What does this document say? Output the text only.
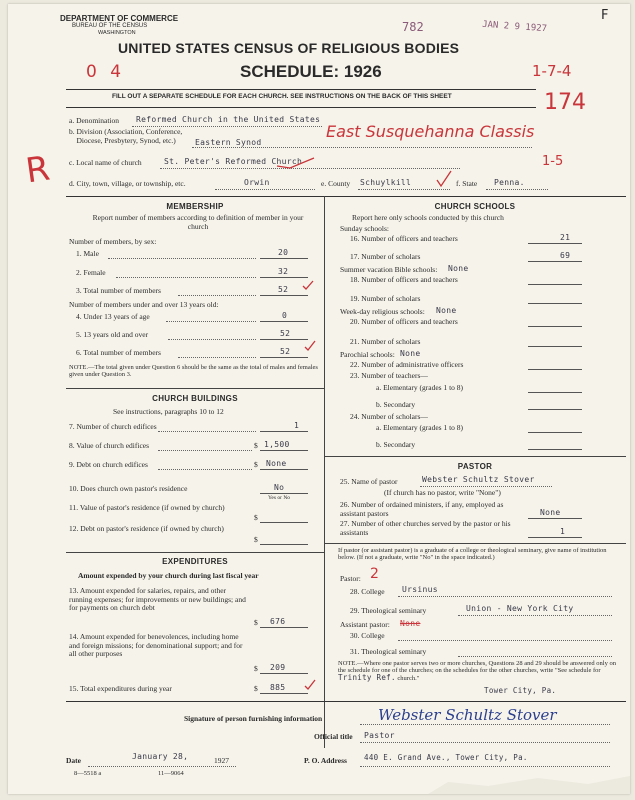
DEPARTMENT OF COMMERCE
BUREAU OF THE CENSUS
WASHINGTON	782	JAN 2 9 1927
F
UNITED STATES CENSUS OF RELIGIOUS BODIES
0 4	SCHEDULE: 1926	1-7-4
FILL OUT A SEPARATE SCHEDULE FOR EACH CHURCH. SEE INSTRUCTIONS ON THE BACK OF THIS SHEET	174
a. Denomination Reformed Church in the United States
b. Division (Association, Conference,
Diocese, Presbytery, Synod, etc.)	Eastern Synod
East Susquehanna Classis
R c. Local name of church	St. Peter's Reformed Church	1-5
d. City, town, village, or township, etc.	Orwin	e. County Schuylkill	f. State Penna.
MEMBERSHIP
Report number of members according to definition of member in your church
Number of members, by sex:
1. Male	20
2. Female	32
3. Total number of members	52
Number of members under and over 13 years old:
4. Under 13 years of age	0
5. 13 years old and over	52
6. Total number of members	52
NOTE.—The total given under Question 6 should be the same as the total of males and females given under Question 3.
CHURCH BUILDINGS
See instructions, paragraphs 10 to 12
7. Number of church edifices	1
8. Value of church edifices	$ 1,500
9. Debt on church edifices	$ None
10. Does church own pastor's residence	No
Yes or No
11. Value of pastor's residence (if owned by church)
$
12. Debt on pastor's residence (if owned by church)
$
EXPENDITURES
Amount expended by your church during last fiscal year
13. Amount expended for salaries, repairs, and other running expenses; for improvements or new buildings; and for payments on church debt
$ 676
14. Amount expended for benevolences, including home and foreign missions; for denominational support; and for all other purposes
$ 209
15. Total expenditures during year	$ 885
CHURCH SCHOOLS
Report here only schools conducted by this church
Sunday schools:
16. Number of officers and teachers	21
17. Number of scholars	69
Summer vacation Bible schools: None
18. Number of officers and teachers
19. Number of scholars
Week-day religious schools: None
20. Number of officers and teachers
21. Number of scholars
Parochial schools: None
22. Number of administrative officers
23. Number of teachers—
a. Elementary (grades 1 to 8)
b. Secondary
24. Number of scholars—
a. Elementary (grades 1 to 8)
b. Secondary
PASTOR
25. Name of pastor	Webster Schultz Stover
(If church has no pastor, write "None")
26. Number of ordained ministers, if any, employed as assistant pastors	None
27. Number of other churches served by the pastor or his assistants	1
If pastor (or assistant pastor) is a graduate of a college or theological seminary, give name of institution below. (If not a graduate, write "No" in the space indicated.)
Pastor: 2
28. College Ursinus
29. Theological seminary	Union - New York City
Assistant pastor: None
30. College
31. Theological seminary
NOTE.—Where one pastor serves two or more churches, Questions 28 and 29 should be answered only on the schedule for one of the churches; on the schedules for the other churches, write "See schedule for Trinity Ref. church."
Tower City, Pa.
Signature of person furnishing information	Webster Schultz Stover
Official title Pastor
Date	January 28,	1927	P. O. Address 440 E. Grand Ave., Tower City, Pa.
8—5518 a	11—9064
